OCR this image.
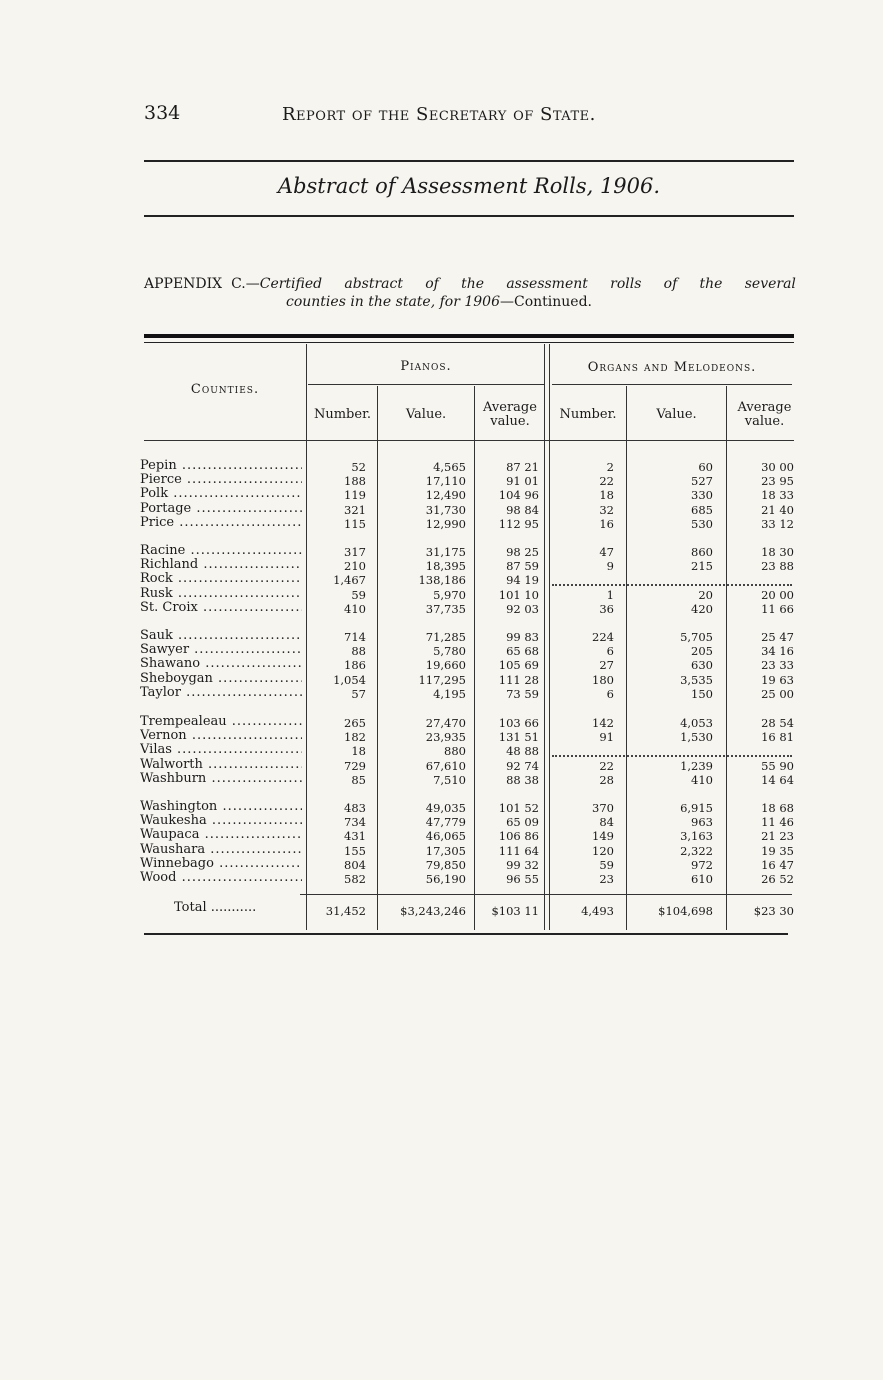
334	Report of the Secretary of State.
Abstract of Assessment Rolls, 1906.
APPENDIX C.—Certified abstract of the assessment rolls of the several
counties in the state, for 1906—Continued.
Counties.
Pianos.	Organs and Melodeons.
Number.	Value.	Average value.	Number.	Value.	Average value.
Pepin .....	52	4,565	87 21	2	60	30 00
Pierce .....	188	17,110	91 01	22	527	23 95
Polk .....	119	12,490	104 96	18	330	18 33
Portage .....	321	31,730	98 84	32	685	21 40
Price .....	115	12,990	112 95	16	530	33 12
Racine .....	317	31,175	98 25	47	860	18 30
Richland .....	210	18,395	87 59	9	215	23 88
Rock .....	1,467	138,186	94 19
Rusk .....	59	5,970	101 10	1	20	20 00
St. Croix .....	410	37,735	92 03	36	420	11 66
Sauk .....	714	71,285	99 83	224	5,705	25 47
Sawyer .....	88	5,780	65 68	6	205	34 16
Shawano .....	186	19,660	105 69	27	630	23 33
Sheboygan .....	1,054	117,295	111 28	180	3,535	19 63
Taylor .....	57	4,195	73 59	6	150	25 00
Trempealeau .....	265	27,470	103 66	142	4,053	28 54
Vernon .....	182	23,935	131 51	91	1,530	16 81
Vilas .....	18	880	48 88
Walworth .....	729	67,610	92 74	22	1,239	55 90
Washburn .....	85	7,510	88 38	28	410	14 64
Washington .....	483	49,035	101 52	370	6,915	18 68
Waukesha .....	734	47,779	65 09	84	963	11 46
Waupaca .....	431	46,065	106 86	149	3,163	21 23
Waushara .....	155	17,305	111 64	120	2,322	19 35
Winnebago .....	804	79,850	99 32	59	972	16 47
Wood .....	582	56,190	96 55	23	610	26 52
Total .....	31,452	$3,243,246 $103 11	4,493	$104,698	$23 30
